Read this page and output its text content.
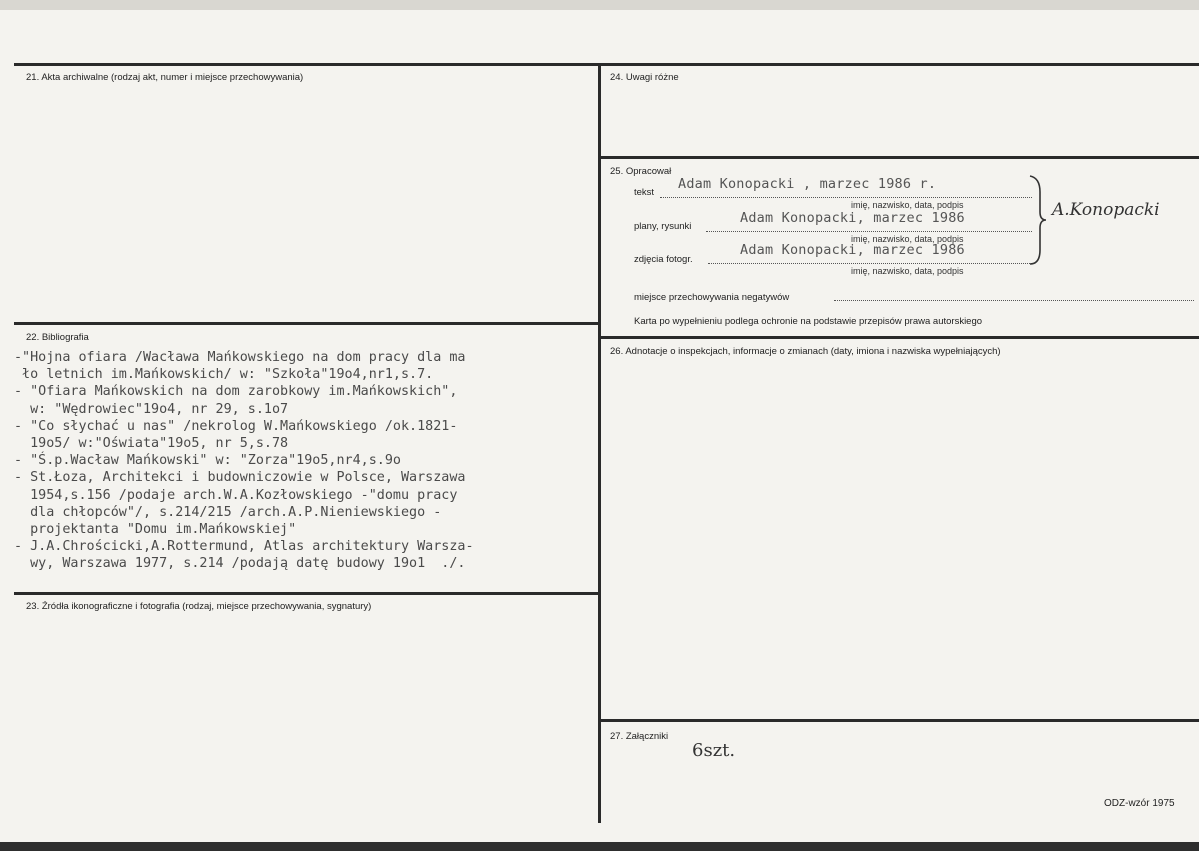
21. Akta archiwalne (rodzaj akt, numer i miejsce przechowywania)
22. Bibliografia
23. Źródła ikonograficzne i fotografia (rodzaj, miejsce przechowywania, sygnatury)
24. Uwagi różne
25. Opracował
26. Adnotacje o inspekcjach, informacje o zmianach (daty, imiona i nazwiska wypełniających)
27. Załączniki
tekst
Adam Konopacki , marzec 1986 r.
imię, nazwisko, data, podpis
plany, rysunki
Adam Konopacki, marzec 1986
imię, nazwisko, data, podpis
zdjęcia fotogr.
Adam Konopacki, marzec 1986
imię, nazwisko, data, podpis
A.Konopacki
miejsce przechowywania negatywów
Karta po wypełnieniu podlega ochronie na podstawie przepisów prawa autorskiego
-"Hojna ofiara /Wacława Mańkowskiego na dom pracy dla ma
ło letnich im.Mańkowskich/ w: "Szkoła"19o4,nr1,s.7.
- "Ofiara Mańkowskich na dom zarobkowy im.Mańkowskich",
w: "Wędrowiec"19o4, nr 29, s.1o7
- "Co słychać u nas" /nekrolog W.Mańkowskiego /ok.1821-
19o5/ w:"Oświata"19o5, nr 5,s.78
- "Ś.p.Wacław Mańkowski" w: "Zorza"19o5,nr4,s.9o
- St.Łoza, Architekci i budowniczowie w Polsce, Warszawa
1954,s.156 /podaje arch.W.A.Kozłowskiego -"domu pracy
dla chłopców"/, s.214/215 /arch.A.P.Nieniewskiego -
projektanta "Domu im.Mańkowskiej"
- J.A.Chrościcki,A.Rottermund, Atlas architektury Warsza-
wy, Warszawa 1977, s.214 /podają datę budowy 19o1  ./.
6szt.
ODZ-wzór 1975
